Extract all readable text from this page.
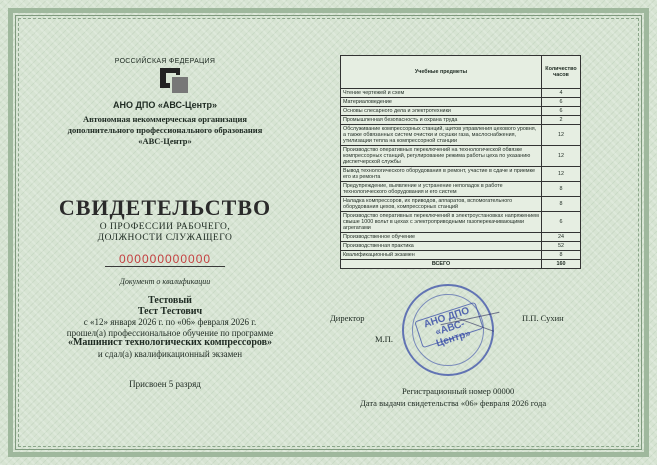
РОССИЙСКАЯ ФЕДЕРАЦИЯ
АНО ДПО «АВС-Центр»
Автономная некоммерческая организация
дополнительного профессионального образования
«АВС-Центр»
СВИДЕТЕЛЬСТВО
О ПРОФЕССИИ РАБОЧЕГО,
ДОЛЖНОСТИ СЛУЖАЩЕГО
000000000000
Документ о квалификации
Тестовый
Тест Тестович
с «12» января 2026 г. по «06» февраля 2026 г.
прошел(а) профессиональное обучение по программе
«Машинист технологических компрессоров»
и сдал(а) квалификационный экзамен
Присвоен 5 разряд
Учебные предметы	Количество часов
Чтение чертежей и схем	4
Материаловедение	6
Основы слесарного дела и электротехники	6
Промышленная безопасность и охрана труда	2
Обслуживание компрессорных станций, щитов управления цехового уровня, а также обвязанных систем очистки и осушки газа, маслоснабжения, утилизации тепла на компрессорной станции	12
Производство оперативных переключений на технологической обвязке компрессорных станций, регулирование режима работы цеха по указанию диспетчерской службы	12
Вывод технологического оборудования в ремонт, участие в сдаче и приемке его из ремонта	12
Предупреждение, выявление и устранение неполадок в работе технологического оборудования и его систем	8
Наладка компрессоров, их приводов, аппаратов, вспомогательного оборудования цехов, компрессорных станций	8
Производство оперативных переключений в электроустановках напряжением свыше 1000 вольт в цехах с электроприводными газоперекачивающими агрегатами	6
Производственное обучение	24
Производственная практика	52
Квалификационный экзамен	8
ВСЕГО	160
Директор	П.П. Сухин
М.П.
АНО ДПО «АВС-Центр»
Регистрационный номер 00000
Дата выдачи свидетельства «06» февраля 2026 года
